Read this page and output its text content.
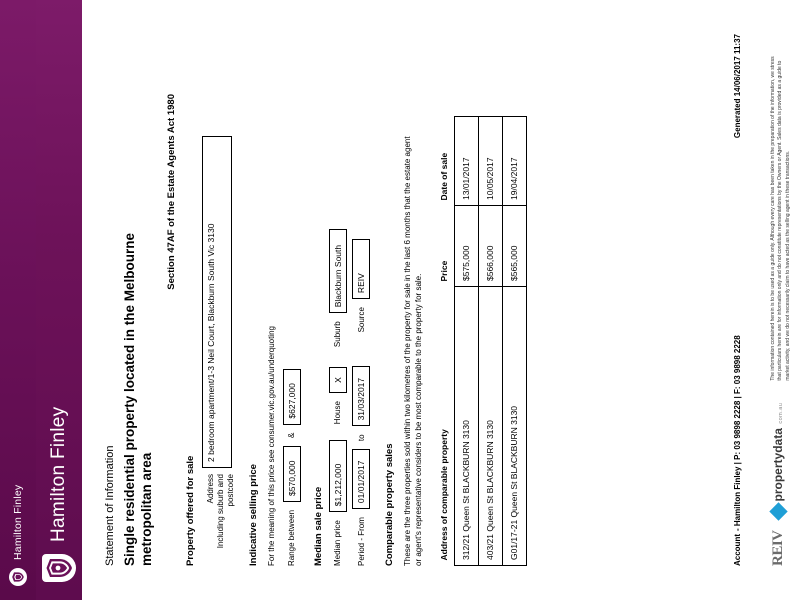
Hamilton Finley Hamilton Finley	Statement of Information Single residential property located in the Melbourne metropolitan area
Section 47AF of the Estate Agents Act 1980
Property offered for sale Address Including suburb and postcode
2 bedroom apartment/1-3 Neil Court, Blackburn South Vic 3130
Indicative selling price For the meaning of this price see consumer.vic.gov.au/underquoting Range between
$570,000
&
$627,000
Median sale price Median price
$1,212,000
House
X
Suburb
Blackburn South
Period - From
01/01/2017
to
31/03/2017
Source
REIV
Comparable property sales These are the three properties sold within two kilometres of the property for sale in the last 6 months that the estate agent or agent's representative considers to be most comparable to the property for sale. Address of comparable property	Price	Date of sale
312/21 Queen St BLACKBURN 3130	$575,000	13/01/2017
403/21 Queen St BLACKBURN 3130	$566,000	10/05/2017
G01/17-21 Queen St BLACKBURN 3130	$565,000	19/04/2017
Account
- Hamilton Finley | P: 03 9898 2228 | F: 03 9898 2228
Generated 14/06/2017 11:37
REIV
propertydata com.au
The information contained herein is to be used as a guide only. Although every care has been taken in the preparation of the information, we stress that particulars herein are for information only and do not constitute representations by the Owners or Agent. Sales data is provided as a guide to market activity, and we do not necessarily claim to have acted as the selling agent in these transactions.
